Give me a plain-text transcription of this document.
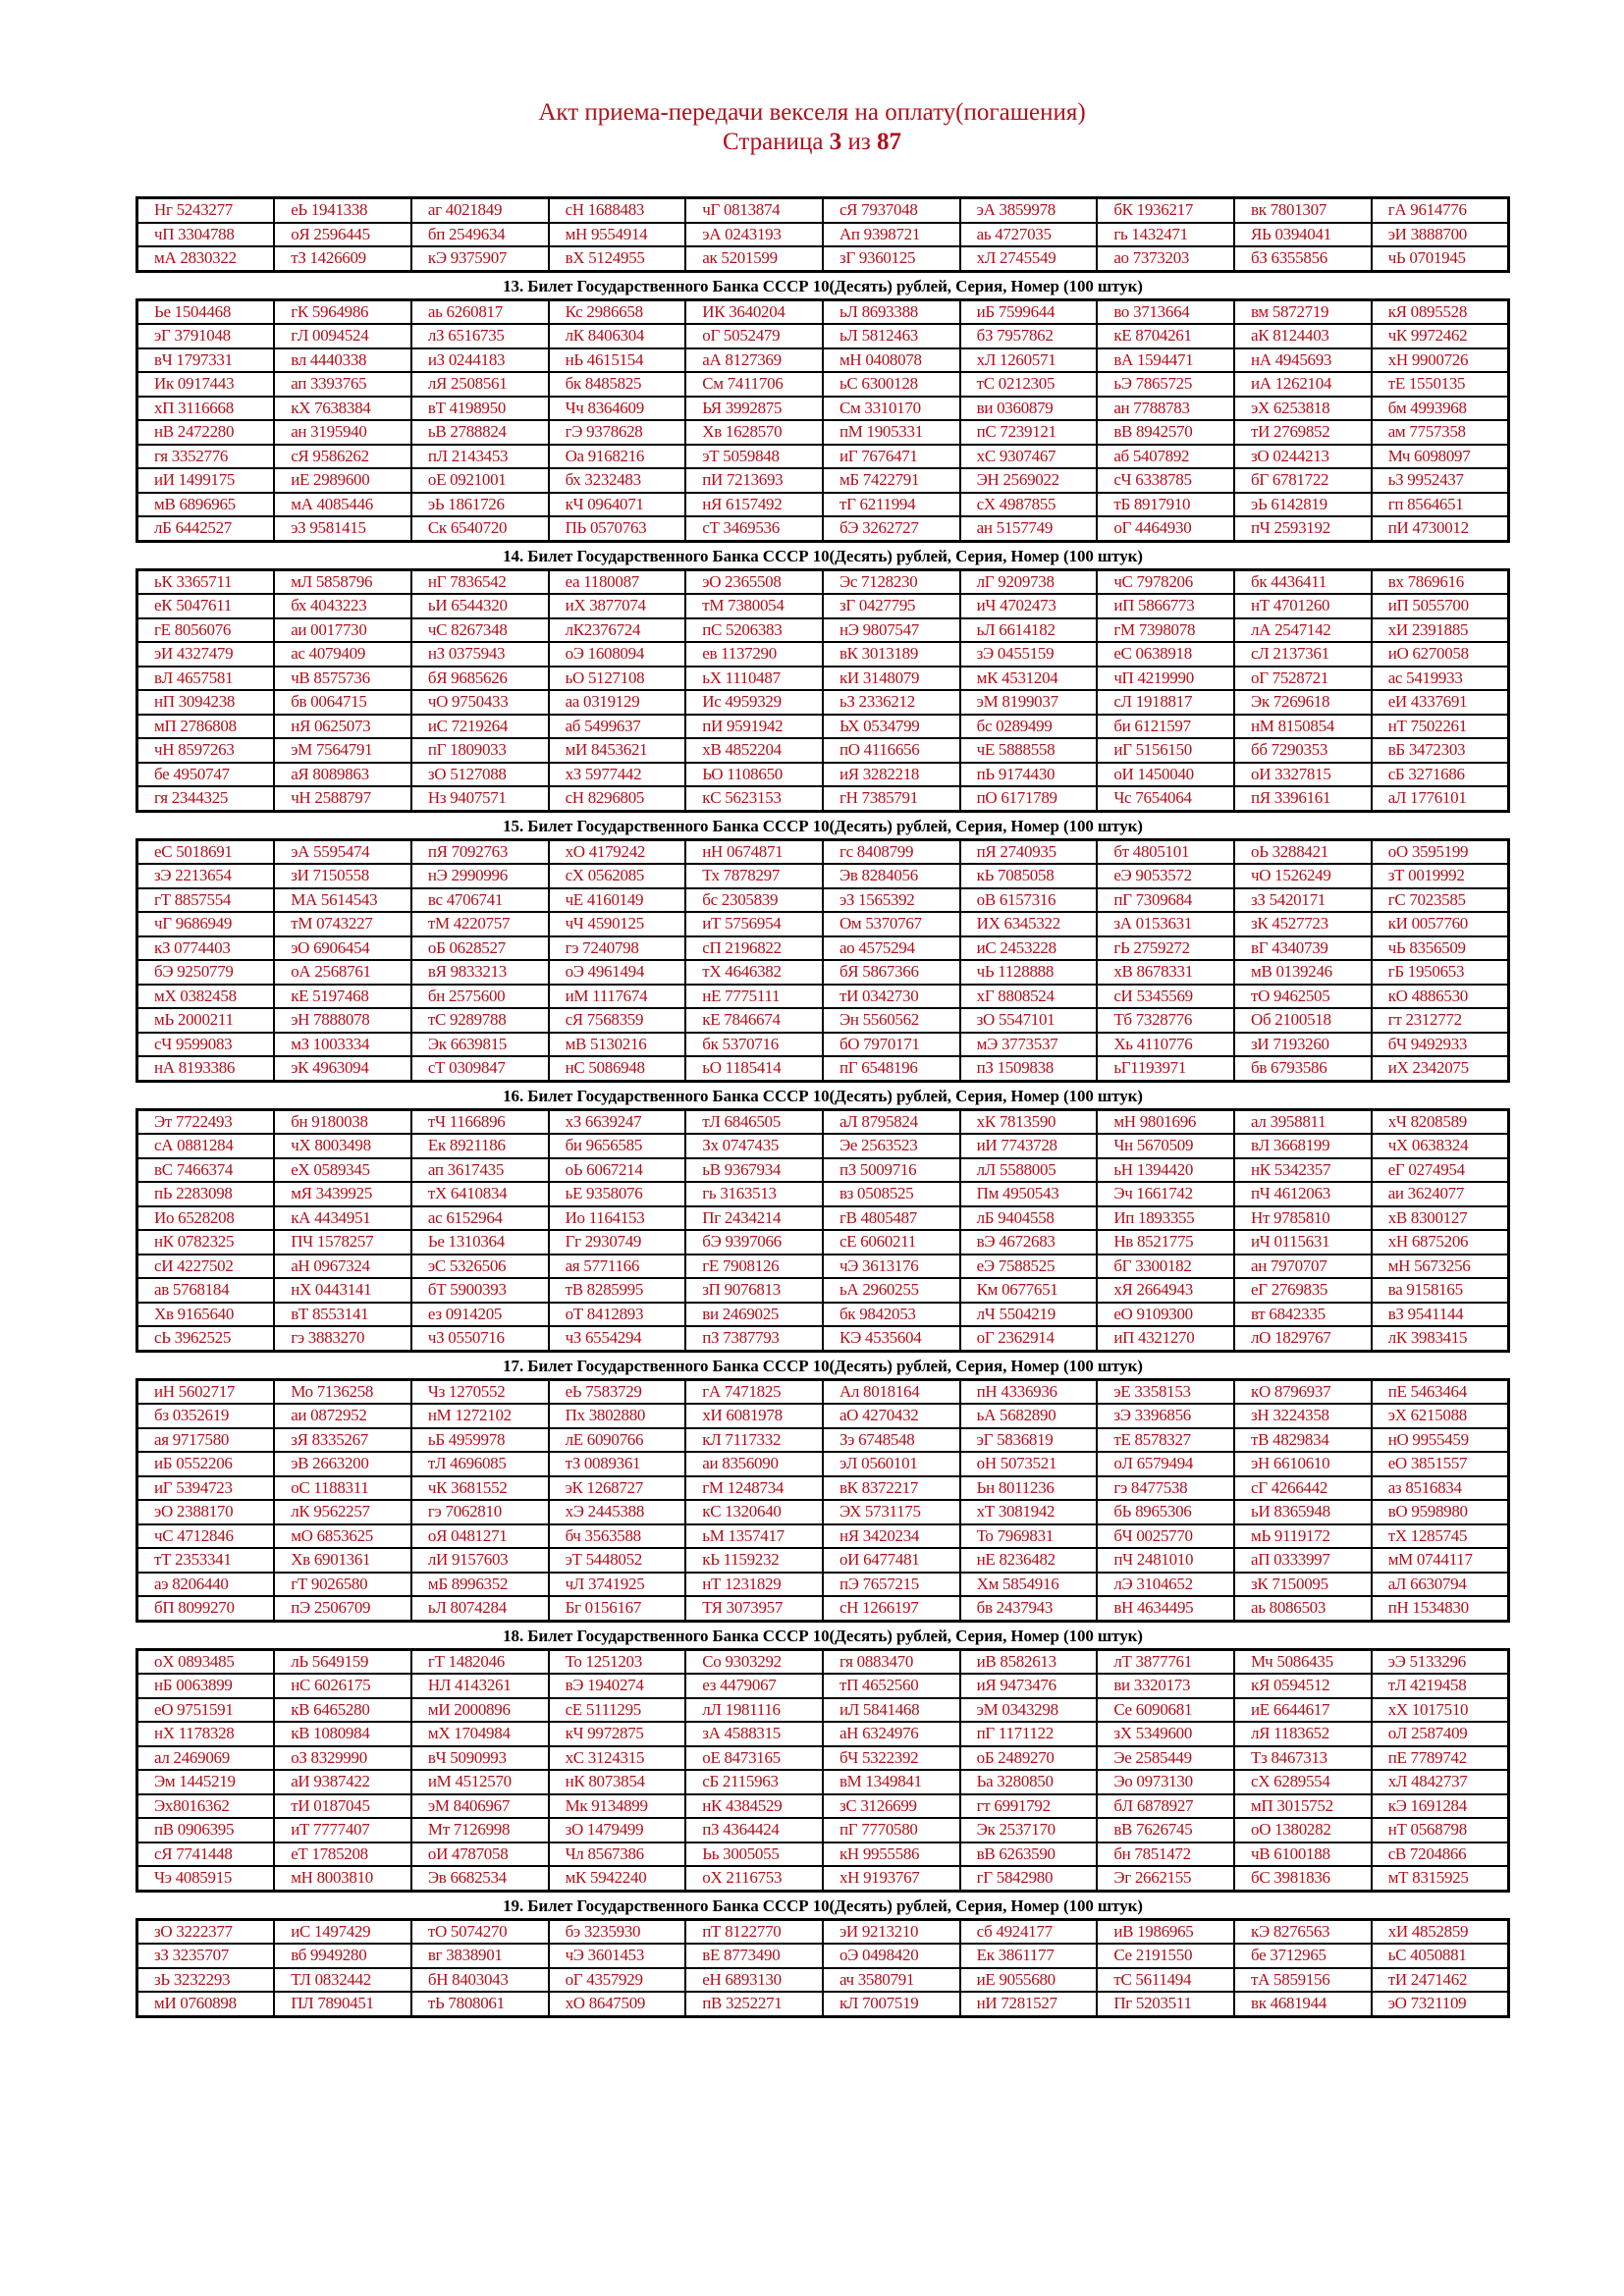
Акт приема-передачи векселя на оплату(погашения)
Страница 3 из 87
Нг 5243277	еЬ 1941338	аг 4021849	сН 1688483	чГ 0813874	сЯ 7937048	эА 3859978	бК 1936217	вк 7801307	гА 9614776
чП 3304788	оЯ 2596445	бп 2549634	мН 9554914	эА 0243193	Ап 9398721	аь 4727035	гь 1432471	ЯЬ 0394041	эИ 3888700
мА 2830322	тЗ 1426609	кЭ 9375907	вХ 5124955	ак 5201599	зГ 9360125	хЛ 2745549	ао 7373203	бЗ 6355856	чЬ 0701945
13. Билет Государственного Банка СССР 10(Десять) рублей, Серия, Номер (100 штук)
Ье 1504468	гК 5964986	аь 6260817	Кс 2986658	ИК 3640204	ьЛ 8693388	иБ 7599644	во 3713664	вм 5872719	кЯ 0895528
эГ 3791048	гЛ 0094524	лЗ 6516735	лК 8406304	оГ 5052479	ьЛ 5812463	бЗ 7957862	кЕ 8704261	аК 8124403	чК 9972462
вЧ 1797331	вл 4440338	иЗ 0244183	нЬ 4615154	аА 8127369	мН 0408078	хЛ 1260571	вА 1594471	нА 4945693	хН 9900726
Ик 0917443	ап 3393765	лЯ 2508561	бк 8485825	См 7411706	ьС 6300128	тС 0212305	ьЭ 7865725	иА 1262104	тЕ 1550135
хП 3116668	кХ 7638384	вТ 4198950	Чч 8364609	ЬЯ 3992875	См 3310170	ви 0360879	ан 7788783	эХ 6253818	бм 4993968
нВ 2472280	ан 3195940	ьВ 2788824	гЭ 9378628	Хв 1628570	пМ 1905331	пС 7239121	вВ 8942570	тИ 2769852	ам 7757358
гя 3352776	сЯ 9586262	пЛ 2143453	Оа 9168216	эТ 5059848	иГ 7676471	хС 9307467	аб 5407892	зО 0244213	Мч 6098097
иИ 1499175	иЕ 2989600	оЕ 0921001	бх 3232483	пИ 7213693	мБ 7422791	ЭН 2569022	сЧ 6338785	бГ 6781722	ьЗ 9952437
мВ 6896965	мА 4085446	эЬ 1861726	кЧ 0964071	нЯ 6157492	тГ 6211994	сХ 4987855	тБ 8917910	эЬ 6142819	гп 8564651
лБ 6442527	эЗ 9581415	Ск 6540720	ПЬ 0570763	сТ 3469536	бЭ 3262727	ан 5157749	оГ 4464930	пЧ 2593192	пИ 4730012
14. Билет Государственного Банка СССР 10(Десять) рублей, Серия, Номер (100 штук)
ьК 3365711	мЛ 5858796	нГ 7836542	еа 1180087	эО 2365508	Эс 7128230	лГ 9209738	чС 7978206	бк 4436411	вх 7869616
еК 5047611	бх 4043223	ьИ 6544320	иХ 3877074	тМ 7380054	зГ 0427795	иЧ 4702473	иП 5866773	нТ 4701260	иП 5055700
гЕ 8056076	аи 0017730	чС 8267348	лК2376724	пС 5206383	нЭ 9807547	ьЛ 6614182	гМ 7398078	лА 2547142	хИ 2391885
эИ 4327479	ас 4079409	нЗ 0375943	оЭ 1608094	ев 1137290	вК 3013189	зЭ 0455159	еС 0638918	сЛ 2137361	иО 6270058
вЛ 4657581	чВ 8575736	бЯ 9685626	ьО 5127108	ьХ 1110487	кИ 3148079	мК 4531204	чП 4219990	оГ 7528721	ас 5419933
нП 3094238	бв 0064715	чО 9750433	аа 0319129	Ис 4959329	ьЗ 2336212	эМ 8199037	сЛ 1918817	Эк 7269618	еИ 4337691
мП 2786808	нЯ 0625073	иС 7219264	аб 5499637	пИ 9591942	ЬХ 0534799	бс 0289499	би 6121597	нМ 8150854	нТ 7502261
чН 8597263	эМ 7564791	пГ 1809033	мИ 8453621	хВ 4852204	пО 4116656	чЕ 5888558	иГ 5156150	бб 7290353	вБ 3472303
бе 4950747	аЯ 8089863	зО 5127088	хЗ 5977442	ЬО 1108650	иЯ 3282218	пЬ 9174430	оИ 1450040	оИ 3327815	сБ 3271686
гя 2344325	чН 2588797	Нз 9407571	сН 8296805	кС 5623153	гН 7385791	пО 6171789	Чс 7654064	пЯ 3396161	аЛ 1776101
15. Билет Государственного Банка СССР 10(Десять) рублей, Серия, Номер (100 штук)
еС 5018691	эА 5595474	пЯ 7092763	хО 4179242	нН 0674871	гс 8408799	пЯ 2740935	бт 4805101	оЬ 3288421	оО 3595199
зЭ 2213654	зИ 7150558	нЭ 2990996	сХ 0562085	Тх 7878297	Эв 8284056	кЬ 7085058	еЭ 9053572	чО 1526249	зТ 0019992
гТ 8857554	МА 5614543	вс 4706741	чЕ 4160149	бс 2305839	эЗ 1565392	оВ 6157316	пГ 7309684	зЗ 5420171	гС 7023585
чГ 9686949	тМ 0743227	тМ 4220757	чЧ 4590125	иТ 5756954	Ом 5370767	ИХ 6345322	зА 0153631	зК 4527723	кИ 0057760
кЗ 0774403	эО 6906454	оБ 0628527	гэ 7240798	сП 2196822	ао 4575294	иС 2453228	гЬ 2759272	вГ 4340739	чЬ 8356509
бЭ 9250779	оА 2568761	вЯ 9833213	оЭ 4961494	тХ 4646382	бЯ 5867366	чЬ 1128888	хВ 8678331	мВ 0139246	гБ 1950653
мХ 0382458	кЕ 5197468	бн 2575600	иМ 1117674	нЕ 7775111	тИ 0342730	хГ 8808524	сИ 5345569	тО 9462505	кО 4886530
мЬ 2000211	эН 7888078	тС 9289788	сЯ 7568359	кЕ 7846674	Эн 5560562	зО 5547101	Тб 7328776	Об 2100518	гт 2312772
сЧ 9599083	мЗ 1003334	Эк 6639815	мВ 5130216	бк 5370716	бО 7970171	мЭ 3773537	Хь 4110776	зИ 7193260	бЧ 9492933
нА 8193386	эК 4963094	сТ 0309847	нС 5086948	ьО 1185414	пГ 6548196	пЗ 1509838	ьГ1193971	бв 6793586	иХ 2342075
16. Билет Государственного Банка СССР 10(Десять) рублей, Серия, Номер (100 штук)
Эт 7722493	бн 9180038	тЧ 1166896	хЗ 6639247	тЛ 6846505	аЛ 8795824	хК 7813590	мН 9801696	ал 3958811	хЧ 8208589
сА 0881284	чХ 8003498	Ек 8921186	би 9656585	Зх 0747435	Эе 2563523	иИ 7743728	Чн 5670509	вЛ 3668199	чХ 0638324
вС 7466374	еХ 0589345	ап 3617435	оЬ 6067214	ьВ 9367934	пЗ 5009716	лЛ 5588005	ьН 1394420	нК 5342357	еГ 0274954
пЬ 2283098	мЯ 3439925	тХ 6410834	ьЕ 9358076	гь 3163513	вз 0508525	Пм 4950543	Эч 1661742	пЧ 4612063	аи 3624077
Ио 6528208	кА 4434951	ас 6152964	Ио 1164153	Пг 2434214	гВ 4805487	лБ 9404558	Ип 1893355	Нт 9785810	хВ 8300127
нК 0782325	ПЧ 1578257	Ье 1310364	Гг 2930749	бЭ 9397066	сЕ 6060211	вЭ 4672683	Нв 8521775	иЧ 0115631	хН 6875206
сИ 4227502	аН 0967324	эС 5326506	ая 5771166	гЕ 7908126	чЭ 3613176	еЭ 7588525	бГ 3300182	ан 7970707	мН 5673256
ав 5768184	нХ 0443141	бТ 5900393	тВ 8285995	зП 9076813	ьА 2960255	Км 0677651	хЯ 2664943	еГ 2769835	ва 9158165
Хв 9165640	вТ 8553141	ез 0914205	оТ 8412893	ви 2469025	бк 9842053	лЧ 5504219	еО 9109300	вт 6842335	вЗ 9541144
сЬ 3962525	гэ 3883270	чЗ 0550716	чЗ 6554294	пЗ 7387793	КЭ 4535604	оГ 2362914	иП 4321270	лО 1829767	лК 3983415
17. Билет Государственного Банка СССР 10(Десять) рублей, Серия, Номер (100 штук)
иН 5602717	Мо 7136258	Чз 1270552	еЬ 7583729	гА 7471825	Ал 8018164	пН 4336936	эЕ 3358153	кО 8796937	пЕ 5463464
бз 0352619	аи 0872952	нМ 1272102	Пх 3802880	хИ 6081978	аО 4270432	ьА 5682890	зЭ 3396856	зН 3224358	эХ 6215088
ая 9717580	зЯ 8335267	ьБ 4959978	лЕ 6090766	кЛ 7117332	Зэ 6748548	эГ 5836819	тЕ 8578327	тВ 4829834	нО 9955459
иБ 0552206	эВ 2663200	тЛ 4696085	тЗ 0089361	аи 8356090	эЛ 0560101	оН 5073521	оЛ 6579494	эН 6610610	еО 3851557
иГ 5394723	оС 1188311	чК 3681552	эК 1268727	гМ 1248734	вК 8372217	Ьн 8011236	гэ 8477538	сГ 4266442	аз 8516834
эО 2388170	лК 9562257	гэ 7062810	хЭ 2445388	кС 1320640	ЭХ 5731175	хТ 3081942	бЬ 8965306	ьИ 8365948	вО 9598980
чС 4712846	мО 6853625	оЯ 0481271	бч 3563588	ьМ 1357417	нЯ 3420234	То 7969831	бЧ 0025770	мЬ 9119172	тХ 1285745
тТ 2353341	Хв 6901361	лИ 9157603	эТ 5448052	кЬ 1159232	оИ 6477481	нЕ 8236482	пЧ 2481010	аП 0333997	мМ 0744117
аэ 8206440	гТ 9026580	мБ 8996352	чЛ 3741925	нТ 1231829	пЭ 7657215	Хм 5854916	лЭ 3104652	зК 7150095	аЛ 6630794
бП 8099270	пЭ 2506709	ьЛ 8074284	Бг 0156167	ТЯ 3073957	сН 1266197	бв 2437943	вН 4634495	аь 8086503	пН 1534830
18. Билет Государственного Банка СССР 10(Десять) рублей, Серия, Номер (100 штук)
оХ 0893485	лЬ 5649159	гТ 1482046	То 1251203	Со 9303292	гя 0883470	иВ 8582613	лТ 3877761	Мч 5086435	эЭ 5133296
нБ 0063899	нС 6026175	НЛ 4143261	вЭ 1940274	ез 4479067	тП 4652560	иЯ 9473476	ви 3320173	кЯ 0594512	тЛ 4219458
еО 9751591	кВ 6465280	мИ 2000896	сЕ 5111295	лЛ 1981116	иЛ 5841468	эМ 0343298	Се 6090681	иЕ 6644617	хХ 1017510
нХ 1178328	кВ 1080984	мХ 1704984	кЧ 9972875	зА 4588315	аН 6324976	пГ 1171122	зХ 5349600	лЯ 1183652	оЛ 2587409
ал 2469069	оЗ 8329990	вЧ 5090993	хС 3124315	оЕ 8473165	бЧ 5322392	оБ 2489270	Эе 2585449	Тз 8467313	пЕ 7789742
Эм 1445219	аИ 9387422	иМ 4512570	нК 8073854	сБ 2115963	вМ 1349841	Ьа 3280850	Эо 0973130	сХ 6289554	хЛ 4842737
Эх8016362	тИ 0187045	эМ 8406967	Мк 9134899	нК 4384529	зС 3126699	гт 6991792	бЛ 6878927	мП 3015752	кЭ 1691284
пВ 0906395	иТ 7777407	Мт 7126998	зО 1479499	пЗ 4364424	пГ 7770580	Эк 2537170	вВ 7626745	оО 1380282	нТ 0568798
сЯ 7741448	еТ 1785208	оИ 4787058	Чл 8567386	Ьь 3005055	кН 9955586	вВ 6263590	бн 7851472	чВ 6100188	сВ 7204866
Чэ 4085915	мН 8003810	Эв 6682534	мК 5942240	оХ 2116753	хН 9193767	гГ 5842980	Эг 2662155	бС 3981836	мТ 8315925
19. Билет Государственного Банка СССР 10(Десять) рублей, Серия, Номер (100 штук)
зО 3222377	иС 1497429	тО 5074270	бэ 3235930	пТ 8122770	эИ 9213210	сб 4924177	иВ 1986965	кЭ 8276563	хИ 4852859
зЗ 3235707	вб 9949280	вг 3838901	чЭ 3601453	вЕ 8773490	оЭ 0498420	Ек 3861177	Се 2191550	бе 3712965	ьС 4050881
зЬ 3232293	ТЛ 0832442	бН 8403043	оГ 4357929	еН 6893130	ач 3580791	иЕ 9055680	тС 5611494	тА 5859156	тИ 2471462
мИ 0760898	ПЛ 7890451	тЬ 7808061	хО 8647509	пВ 3252271	кЛ 7007519	нИ 7281527	Пг 5203511	вк 4681944	эО 7321109
